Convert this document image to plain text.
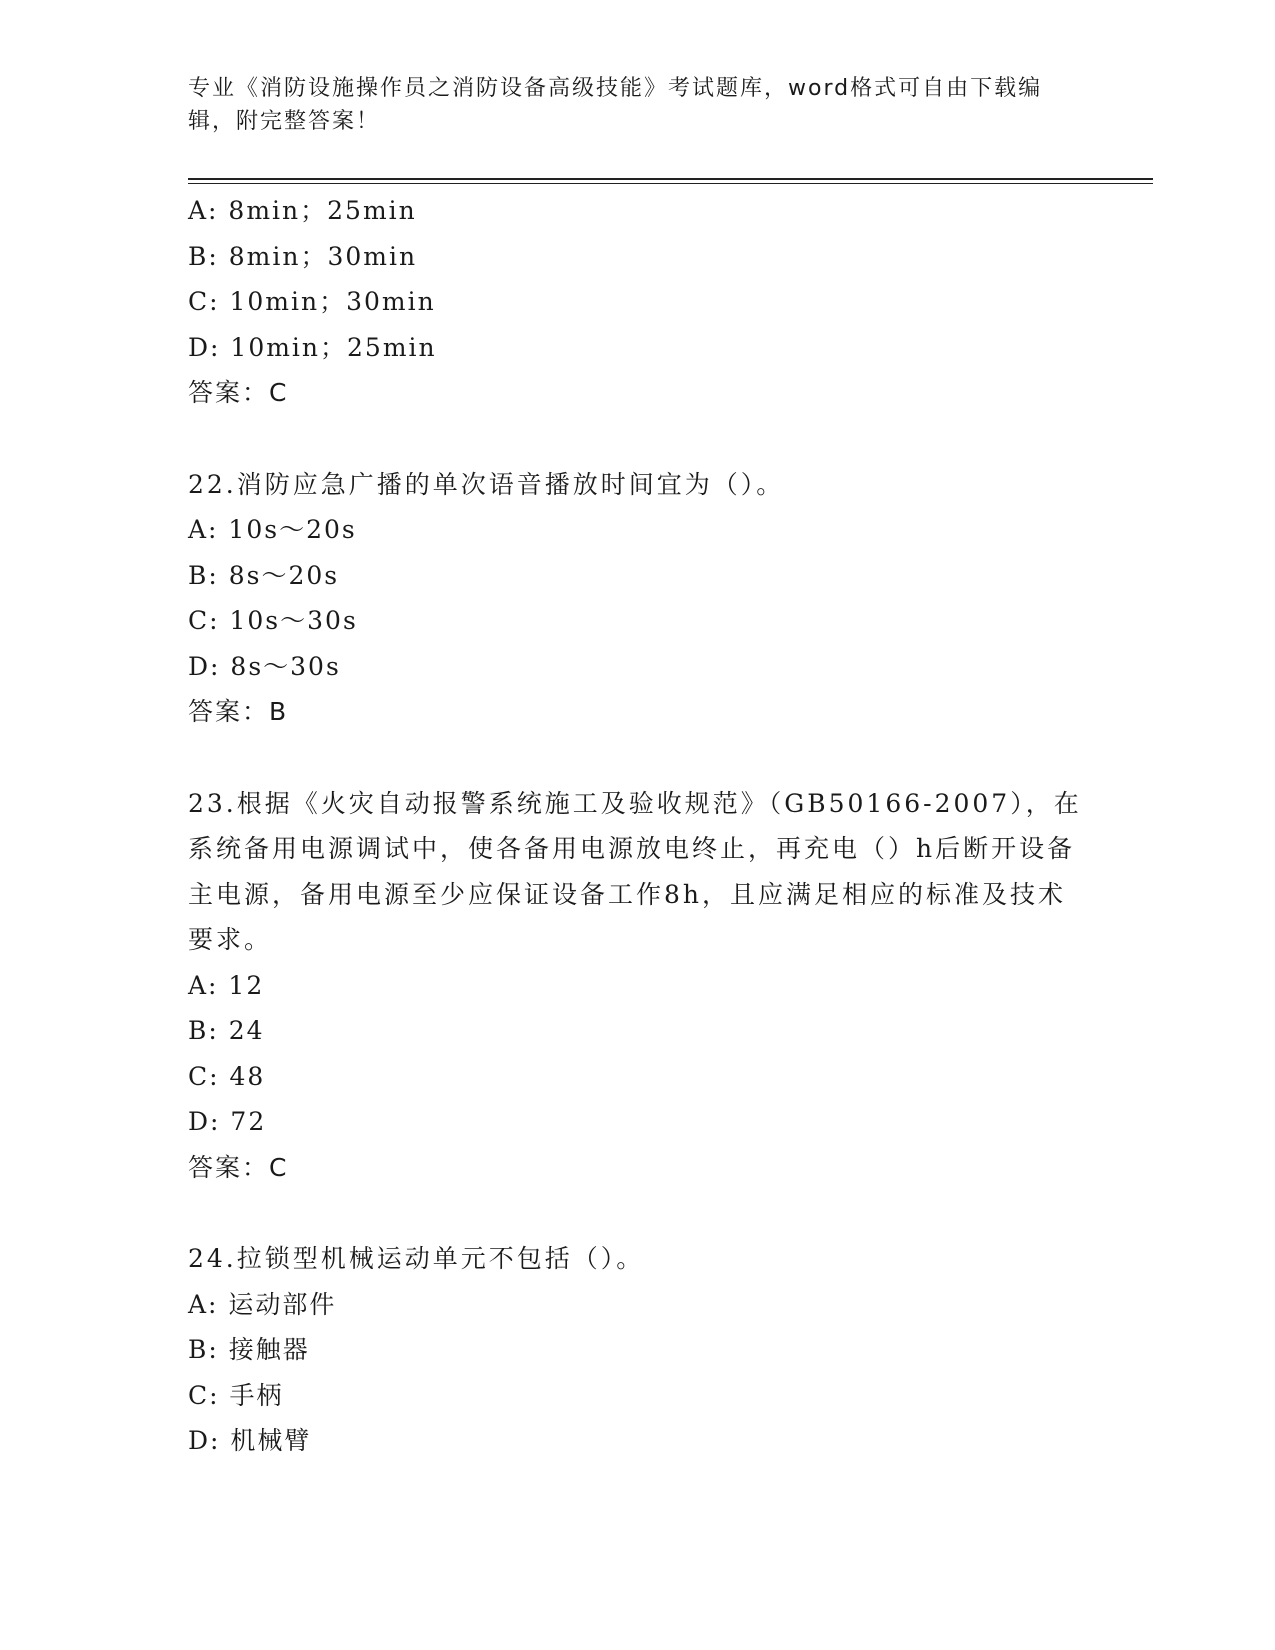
专业《消防设施操作员之消防设备高级技能》考试题库，word格式可自由下载编辑，附完整答案！
A: 8min；25min
B: 8min；30min
C: 10min；30min
D: 10min；25min
答案：C
22.消防应急广播的单次语音播放时间宜为（）。
A: 10s～20s
B: 8s～20s
C: 10s～30s
D: 8s～30s
答案：B
23.根据《火灾自动报警系统施工及验收规范》（GB50166-2007），在系统备用电源调试中，使各备用电源放电终止，再充电（）h后断开设备主电源，备用电源至少应保证设备工作8h，且应满足相应的标准及技术要求。
A: 12
B: 24
C: 48
D: 72
答案：C
24.拉锁型机械运动单元不包括（）。
A: 运动部件
B: 接触器
C: 手柄
D: 机械臂
